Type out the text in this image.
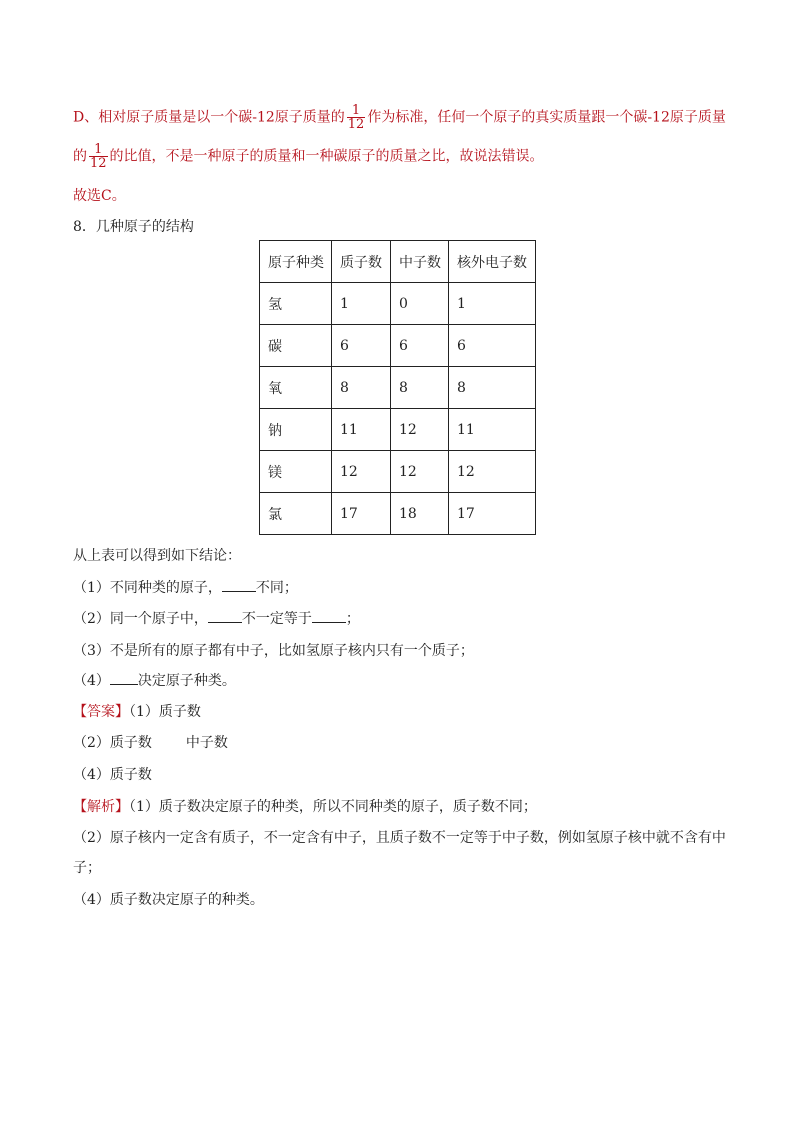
D、相对原子质量是以一个碳-12原子质量的 $\frac{1}{12}$ 作为标准，任何一个原子的真实质量跟一个碳-12原子质量
的 $\frac{1}{12}$ 的比值，不是一种原子的质量和一种碳原子的质量之比，故说法错误。
故选C。
8．几种原子的结构
原子种类	质子数	中子数	核外电子数
氢	1	0	1
碳	6	6	6
氧	8	8	8
钠	11	12	11
镁	12	12	12
氯	17	18	17
从上表可以得到如下结论：
（1）不同种类的原子， 不同；
（2）同一个原子中， 不一定等于 ；
（3）不是所有的原子都有中子，比如氢原子核内只有一个质子；
（4） 决定原子种类。
【答案】（1）质子数
（2）质子数 中子数
（4）质子数
【解析】（1）质子数决定原子的种类，所以不同种类的原子，质子数不同；
（2）原子核内一定含有质子，不一定含有中子，且质子数不一定等于中子数，例如氢原子核中就不含有中
子；
（4）质子数决定原子的种类。
